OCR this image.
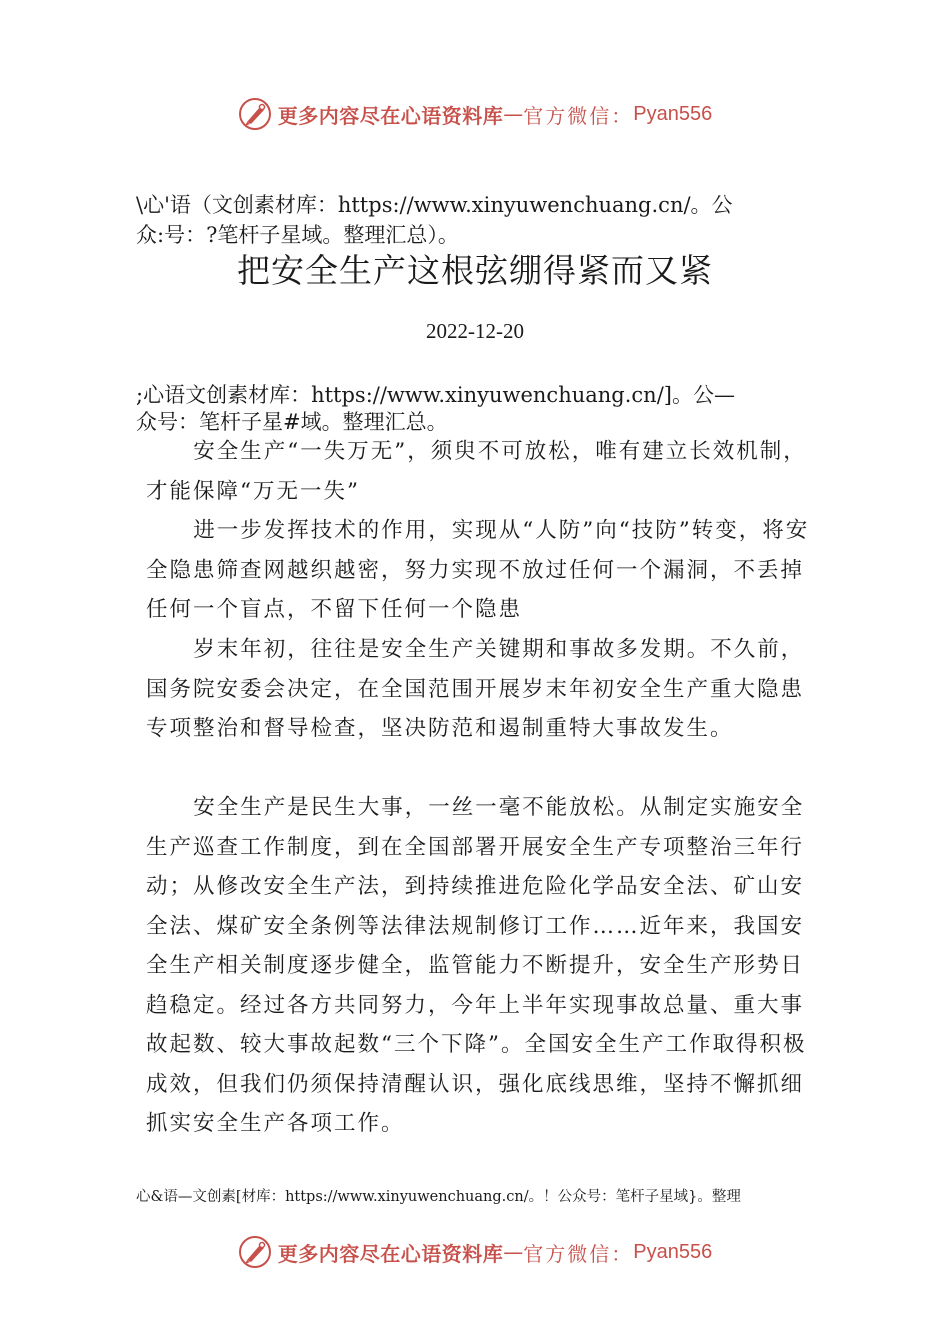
更多内容尽在心语资料库 — 官方微信： Pyan556
\心'语（文创素材库：https://www.xinyuwenchuang.cn/。公
众:号：?笔杆子星域。整理汇总）。
把安全生产这根弦绷得紧而又紧
2022-12-20
;心语文创素材库：https://www.xinyuwenchuang.cn/]。公—
众号：笔杆子星#域。整理汇总。

安全生产“一失万无”，须臾不可放松，唯有建立长效机制，才能保障“万无一失”

进一步发挥技术的作用，实现从“人防”向“技防”转变，将安全隐患筛查网越织越密，努力实现不放过任何一个漏洞，不丢掉任何一个盲点，不留下任何一个隐患

岁末年初，往往是安全生产关键期和事故多发期。不久前，国务院安委会决定，在全国范围开展岁末年初安全生产重大隐患专项整治和督导检查，坚决防范和遏制重特大事故发生。

安全生产是民生大事，一丝一毫不能放松。从制定实施安全生产巡查工作制度，到在全国部署开展安全生产专项整治三年行动；从修改安全生产法，到持续推进危险化学品安全法、矿山安全法、煤矿安全条例等法律法规制修订工作……近年来，我国安全生产相关制度逐步健全，监管能力不断提升，安全生产形势日趋稳定。经过各方共同努力，今年上半年实现事故总量、重大事故起数、较大事故起数“三个下降”。全国安全生产工作取得积极成效，但我们仍须保持清醒认识，强化底线思维，坚持不懈抓细抓实安全生产各项工作。

心&语—文创素[材库：https://www.xinyuwenchuang.cn/。！公众号：笔杆子星域}。整理
更多内容尽在心语资料库 — 官方微信： Pyan556
